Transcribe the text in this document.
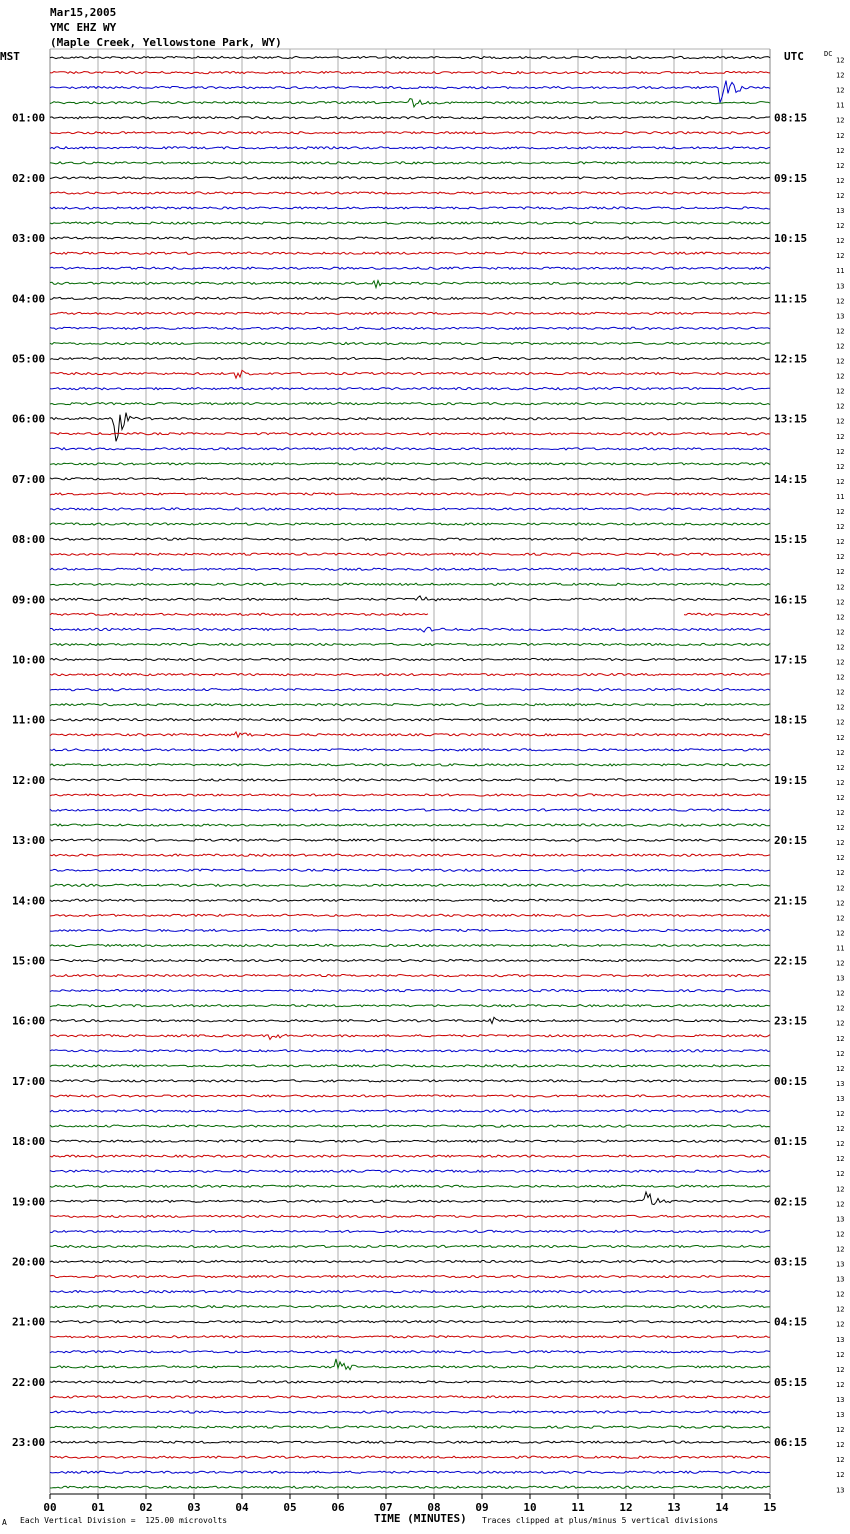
Mar15,2005
YMC EHZ WY
(Maple Creek, Yellowstone Park, WY)
MST	UTC	DC
12
12
12
11
12
01:00	08:15
12
12
12
12
02:00	09:15
12
13
12
12
03:00	10:15
12
11
13
12
04:00	11:15
13
12
12
12
05:00	12:15
12
12
12
12
06:00	13:15
12
12
12
12
07:00	14:15
11
12
12
12
08:00	15:15
12
12
12
12
09:00	16:15
12
12
12
12
10:00	17:15
12
12
12
12
11:00	18:15
12
12
12
12
12:00	19:15
12
12
12
12
13:00	20:15
12
12
12
12
14:00	21:15
12
12
11
12
15:00	22:15
13
12
12
12
16:00	23:15
12
12
12
13
17:00	00:15
13
12
12
12
18:00	01:15
12
12
12
12
19:00	02:15
13
12
12
13
20:00	03:15
13
12
12
12
21:00	04:15
13
12
12
12
22:00	05:15
13
13
12
12
23:00	06:15
12
12
13
00	01	02	03	04	05	06	07	08	09	10	11	12	13	14	15
A Each Vertical Division =  125.00 microvolts	TIME (MINUTES) Traces clipped at plus/minus 5 vertical divisions
